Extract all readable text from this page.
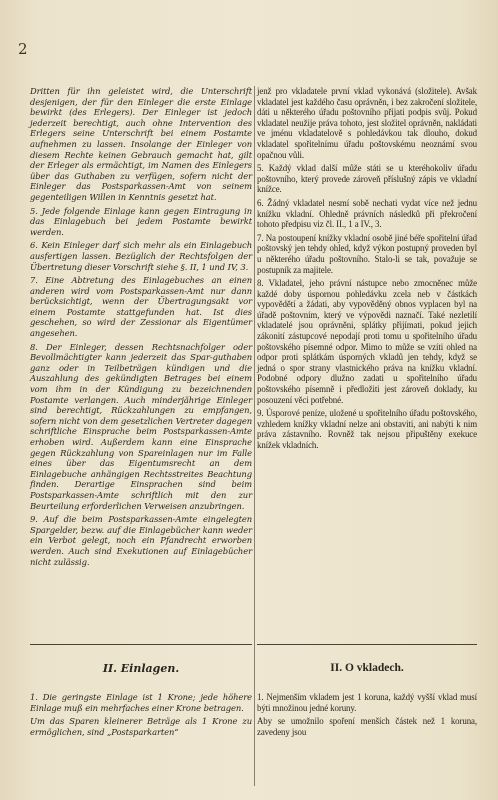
2

Dritten für ihn geleistet wird, die Unterschrift desjenigen, der für den Einleger die erste Einlage bewirkt (des Erlegers). Der Einleger ist jedoch jederzeit berechtigt, auch ohne Intervention des Erlegers seine Unterschrift bei einem Postamte aufnehmen zu lassen. Insolange der Einleger von diesem Rechte keinen Gebrauch gemacht hat, gilt der Erleger als ermächtigt, im Namen des Einlegers über das Guthaben zu verfügen, sofern nicht der Einleger das Postsparkassen-Amt von seinem gegenteiligen Willen in Kenntnis gesetzt hat.

5. Jede folgende Einlage kann gegen Eintragung in das Einlagebuch bei jedem Postamte bewirkt werden.

6. Kein Einleger darf sich mehr als ein Einlagebuch ausfertigen lassen. Bezüglich der Rechtsfolgen der Übertretung dieser Vorschrift siehe §. II, 1 und IV, 3.

7. Eine Abtretung des Einlagebuches an einen anderen wird vom Postsparkassen-Amt nur dann berücksichtigt, wenn der Übertragungsakt vor einem Postamte stattgefunden hat. Ist dies geschehen, so wird der Zessionar als Eigentümer angesehen.

8. Der Einleger, dessen Rechtsnachfolger oder Bevollmächtigter kann jederzeit das Spar-guthaben ganz oder in Teilbeträgen kündigen und die Auszahlung des gekündigten Betrages bei einem vom ihm in der Kündigung zu bezeichnenden Postamte verlangen. Auch minderjährige Einleger sind berechtigt, Rückzahlungen zu empfangen, sofern nicht von dem gesetzlichen Vertreter dagegen schriftliche Einsprache beim Postsparkassen-Amte erhoben wird. Außerdem kann eine Einsprache gegen Rückzahlung von Spareinlagen nur im Falle eines über das Eigentumsrecht an dem Einlagebuche anhängigen Rechtsstreites Beachtung finden. Derartige Einsprachen sind beim Postsparkassen-Amte schriftlich mit den zur Beurteilung erforderlichen Verweisen anzubringen.

9. Auf die beim Postsparkassen-Amte eingelegten Spargelder, bezw. auf die Einlagebücher kann weder ein Verbot gelegt, noch ein Pfandrecht erworben werden. Auch sind Exekutionen auf Einlagebücher nicht zulässig.

jenž pro vkladatele první vklad vykonává (složitele). Avšak vkladatel jest každého času oprávněn, i bez zakročení složitele, dáti u některého úřadu poštovního přijati podpis svůj. Pokud vkladatel neužije práva tohoto, jest složitel oprávněn, nakládati ve jménu vkladatelově s pohledávkou tak dlouho, dokud vkladatel spořitelnímu úřadu poštovskému neoznámí svou opačnou vůli.

5. Každý vklad další může státi se u kteréhokoliv úřadu poštovního, který provede zároveň příslušný zápis ve vkladní knížce.

6. Žádný vkladatel nesmí sobě nechati vydat více než jednu knížku vkladní. Ohledně právních následků při překročení tohoto předpisu viz čl. II., 1 a IV., 3.

7. Na postoupení knížky vkladní osobě jiné béře spořitelní úřad poštovský jen tehdy ohled, když výkon postupný proveden byl u některého úřadu poštovního. Stalo-li se tak, považuje se postupník za majitele.

8. Vkladatel, jeho právní nástupce nebo zmocněnec může každé doby úspornou pohledávku zcela neb v částkách vypovědětí a žádati, aby vypověděný obnos vyplacen byl na úřadě poštovním, který ve výpovědi naznačí. Také nezletilí vkladatelé jsou oprávněni, splátky přijímati, pokud jejich zákonití zástupcové nepodají proti tomu u spořitelního úřadu poštovského písemné odpor. Mimo to může se vzíti ohled na odpor proti splátkám úsporných vkladů jen tehdy, když se jedná o spor strany vlastnického práva na knížku vkladní. Podobné odpory dlužno zadati u spořitelního úřadu poštovského písemně i předložiti jest zároveň doklady, ku posouzení věci potřebné.

9. Úsporové peníze, uložené u spořitelního úřadu poštovského, vzhledem knížky vkladní nelze ani obstaviti, ani nabýti k nim práva zástavního. Rovněž tak nejsou připuštěny exekuce knížek vkladních.

II. Einlagen.	II. O vkladech.

1. Die geringste Einlage ist 1 Krone; jede höhere Einlage muß ein mehrfaches einer Krone betragen.

Um das Sparen kleinerer Beträge als 1 Krone zu ermöglichen, sind „Postsparkarten“

1. Nejmenším vkladem jest 1 koruna, každý vyšší vklad musí býti množinou jedné koruny.

Aby se umožnilo spoření menších částek než 1 koruna, zavedeny jsou
